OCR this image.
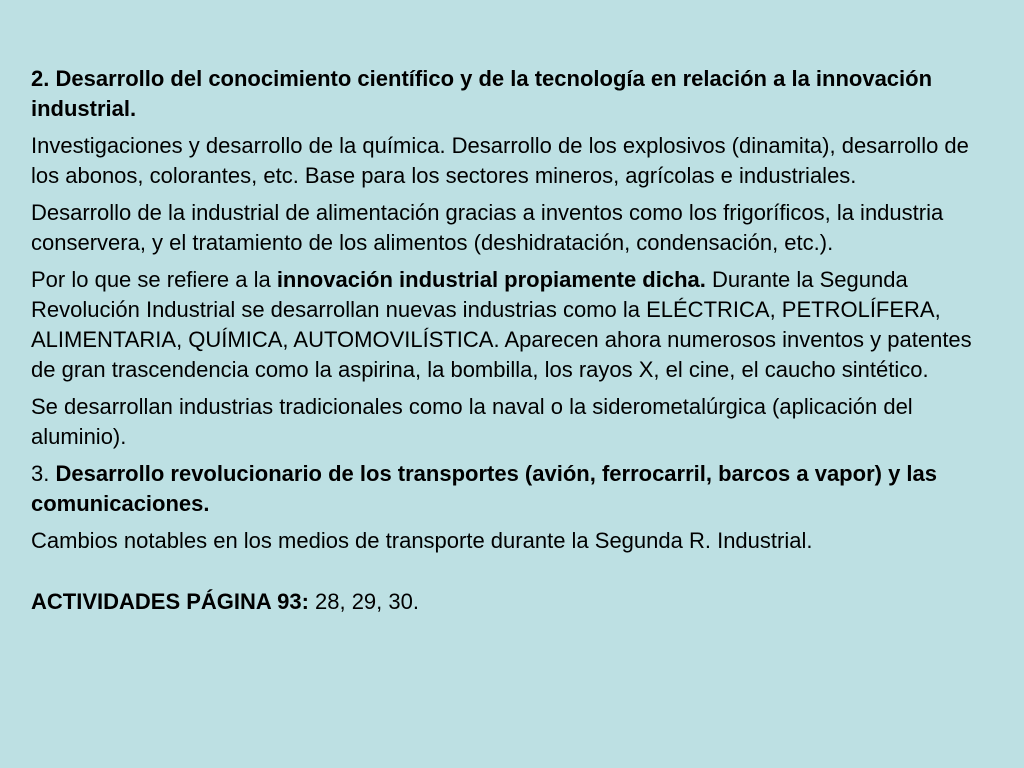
2. Desarrollo del conocimiento científico y de la tecnología en relación a la innovación industrial.

Investigaciones y desarrollo de la química. Desarrollo de los explosivos (dinamita), desarrollo de los abonos, colorantes, etc. Base para los sectores mineros, agrícolas e industriales.

Desarrollo de la industrial de alimentación gracias a inventos como los frigoríficos, la industria conservera, y el tratamiento de los alimentos (deshidratación, condensación, etc.).

Por lo que se refiere a la innovación industrial propiamente dicha. Durante la Segunda Revolución Industrial se desarrollan nuevas industrias como la ELÉCTRICA, PETROLÍFERA, ALIMENTARIA, QUÍMICA, AUTOMOVILÍSTICA. Aparecen ahora numerosos inventos y patentes de gran trascendencia como la aspirina, la bombilla, los rayos X, el cine, el caucho sintético.

Se desarrollan industrias tradicionales como la naval o la siderometalúrgica (aplicación del aluminio).

3. Desarrollo revolucionario de los transportes (avión, ferrocarril, barcos a vapor) y las comunicaciones.

Cambios notables en los medios de transporte durante la Segunda R. Industrial.

ACTIVIDADES PÁGINA 93: 28, 29, 30.
